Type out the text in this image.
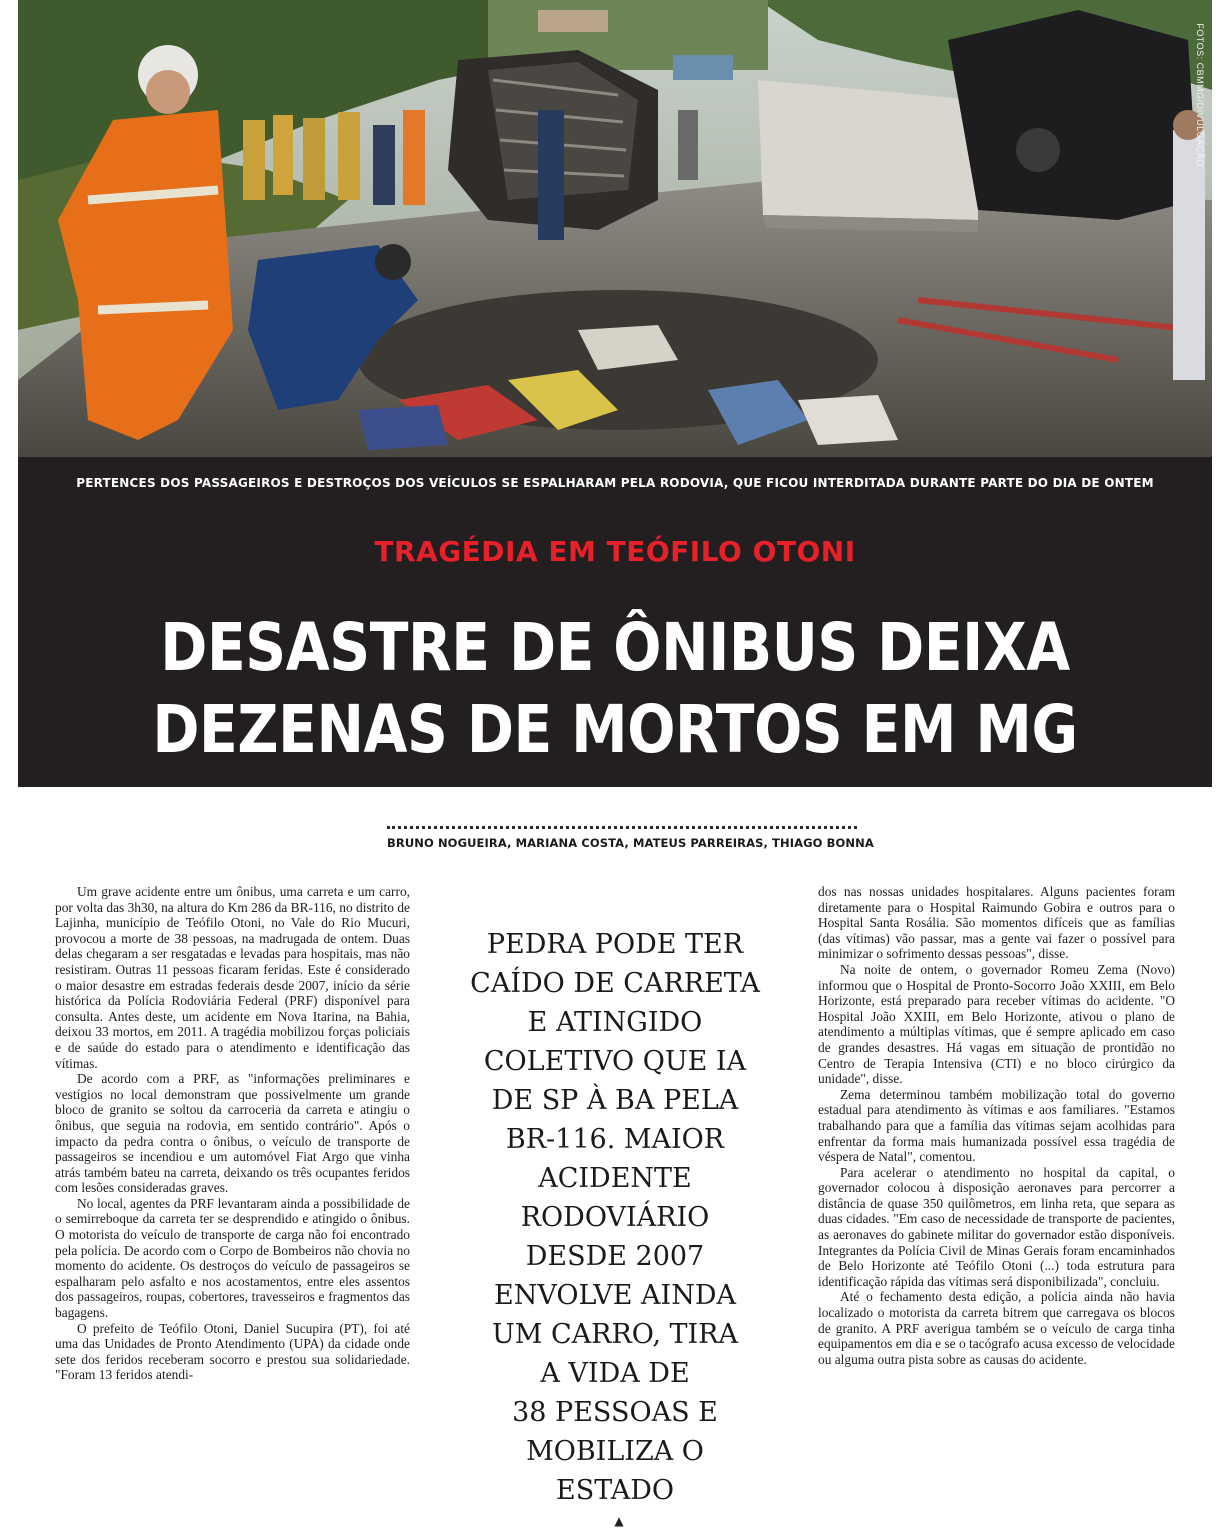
FOTOS: CBMMG/DIVULGAÇÃO
PERTENCES DOS PASSAGEIROS E DESTROÇOS DOS VEÍCULOS SE ESPALHARAM PELA RODOVIA, QUE FICOU INTERDITADA DURANTE PARTE DO DIA DE ONTEM
TRAGÉDIA EM TEÓFILO OTONI
DESASTRE DE ÔNIBUS DEIXA
DEZENAS DE MORTOS EM MG
BRUNO NOGUEIRA, MARIANA COSTA, MATEUS PARREIRAS, THIAGO BONNA

Um grave acidente entre um ônibus, uma carreta e um carro, por volta das 3h30, na altura do Km 286 da BR-116, no distrito de Lajinha, município de Teófilo Otoni, no Vale do Rio Mucuri, provocou a morte de 38 pessoas, na madrugada de ontem. Duas delas chegaram a ser resgatadas e levadas para hospitais, mas não resistiram. Outras 11 pessoas ficaram feridas. Este é considerado o maior desastre em estradas federais desde 2007, início da série histórica da Polícia Rodoviária Federal (PRF) disponível para consulta. Antes deste, um acidente em Nova Itarina, na Bahia, deixou 33 mortos, em 2011. A tragédia mobilizou forças policiais e de saúde do estado para o atendimento e identificação das vítimas.

De acordo com a PRF, as "informações preliminares e vestígios no local demonstram que possivelmente um grande bloco de granito se soltou da carroceria da carreta e atingiu o ônibus, que seguia na rodovia, em sentido contrário". Após o impacto da pedra contra o ônibus, o veículo de transporte de passageiros se incendiou e um automóvel Fiat Argo que vinha atrás também bateu na carreta, deixando os três ocupantes feridos com lesões consideradas graves.

No local, agentes da PRF levantaram ainda a possibilidade de o semirreboque da carreta ter se desprendido e atingido o ônibus. O motorista do veículo de transporte de carga não foi encontrado pela polícia. De acordo com o Corpo de Bombeiros não chovia no momento do acidente. Os destroços do veículo de passageiros se espalharam pelo asfalto e nos acostamentos, entre eles assentos dos passageiros, roupas, cobertores, travesseiros e fragmentos das bagagens.

O prefeito de Teófilo Otoni, Daniel Sucupira (PT), foi até uma das Unidades de Pronto Atendimento (UPA) da cidade onde sete dos feridos receberam socorro e prestou sua solidariedade. "Foram 13 feridos atendi-

PEDRA PODE TER
CAÍDO DE CARRETA
E ATINGIDO
COLETIVO QUE IA
DE SP À BA PELA
BR-116. MAIOR
ACIDENTE
RODOVIÁRIO
DESDE 2007
ENVOLVE AINDA
UM CARRO, TIRA
A VIDA DE
38 PESSOAS E
MOBILIZA O
ESTADO

dos nas nossas unidades hospitalares. Alguns pacientes foram diretamente para o Hospital Raimundo Gobira e outros para o Hospital Santa Rosália. São momentos difíceis que as famílias (das vítimas) vão passar, mas a gente vai fazer o possível para minimizar o sofrimento dessas pessoas", disse.

Na noite de ontem, o governador Romeu Zema (Novo) informou que o Hospital de Pronto-Socorro João XXIII, em Belo Horizonte, está preparado para receber vítimas do acidente. "O Hospital João XXIII, em Belo Horizonte, ativou o plano de atendimento a múltiplas vítimas, que é sempre aplicado em caso de grandes desastres. Há vagas em situação de prontidão no Centro de Terapia Intensiva (CTI) e no bloco cirúrgico da unidade", disse.

Zema determinou também mobilização total do governo estadual para atendimento às vítimas e aos familiares. "Estamos trabalhando para que a família das vítimas sejam acolhidas para enfrentar da forma mais humanizada possível essa tragédia de véspera de Natal", comentou.

Para acelerar o atendimento no hospital da capital, o governador colocou à disposição aeronaves para percorrer a distância de quase 350 quilômetros, em linha reta, que separa as duas cidades. "Em caso de necessidade de transporte de pacientes, as aeronaves do gabinete militar do governador estão disponíveis. Integrantes da Polícia Civil de Minas Gerais foram encaminhados de Belo Horizonte até Teófilo Otoni (...) toda estrutura para identificação rápida das vítimas será disponibilizada", concluiu.

Até o fechamento desta edição, a polícia ainda não havia localizado o motorista da carreta bitrem que carregava os blocos de granito. A PRF averigua também se o veículo de carga tinha equipamentos em dia e se o tacógrafo acusa excesso de velocidade ou alguma outra pista sobre as causas do acidente.

▲
